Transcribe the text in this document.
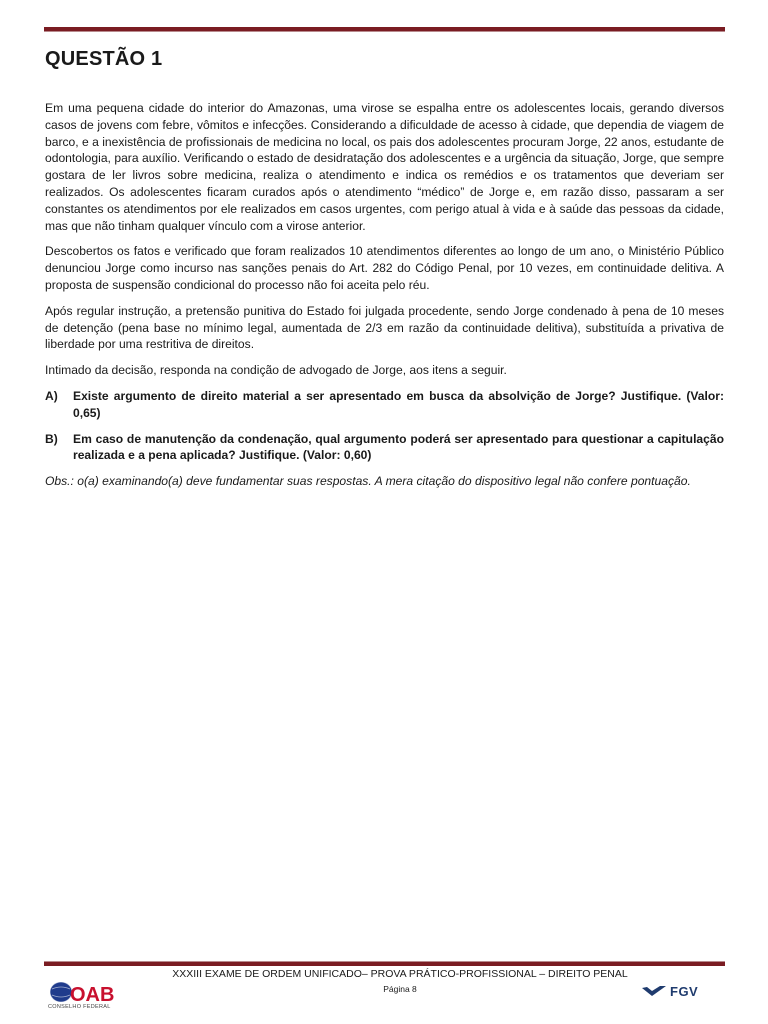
QUESTÃO 1

Em uma pequena cidade do interior do Amazonas, uma virose se espalha entre os adolescentes locais, gerando diversos casos de jovens com febre, vômitos e infecções. Considerando a dificuldade de acesso à cidade, que dependia de viagem de barco, e a inexistência de profissionais de medicina no local, os pais dos adolescentes procuram Jorge, 22 anos, estudante de odontologia, para auxílio. Verificando o estado de desidratação dos adolescentes e a urgência da situação, Jorge, que sempre gostara de ler livros sobre medicina, realiza o atendimento e indica os remédios e os tratamentos que deveriam ser realizados. Os adolescentes ficaram curados após o atendimento “médico” de Jorge e, em razão disso, passaram a ser constantes os atendimentos por ele realizados em casos urgentes, com perigo atual à vida e à saúde das pessoas da cidade, mas que não tinham qualquer vínculo com a virose anterior.

Descobertos os fatos e verificado que foram realizados 10 atendimentos diferentes ao longo de um ano, o Ministério Público denunciou Jorge como incurso nas sanções penais do Art. 282 do Código Penal, por 10 vezes, em continuidade delitiva. A proposta de suspensão condicional do processo não foi aceita pelo réu.

Após regular instrução, a pretensão punitiva do Estado foi julgada procedente, sendo Jorge condenado à pena de 10 meses de detenção (pena base no mínimo legal, aumentada de 2/3 em razão da continuidade delitiva), substituída a privativa de liberdade por uma restritiva de direitos.

Intimado da decisão, responda na condição de advogado de Jorge, aos itens a seguir.

A)	Existe argumento de direito material a ser apresentado em busca da absolvição de Jorge? Justifique. (Valor: 0,65)
B)	Em caso de manutenção da condenação, qual argumento poderá ser apresentado para questionar a capitulação realizada e a pena aplicada? Justifique. (Valor: 0,60)

Obs.: o(a) examinando(a) deve fundamentar suas respostas. A mera citação do dispositivo legal não confere pontuação.

XXXIII EXAME DE ORDEM UNIFICADO– PROVA PRÁTICO-PROFISSIONAL – DIREITO PENAL
Página 8
OAB
CONSELHO FEDERAL
FGV
